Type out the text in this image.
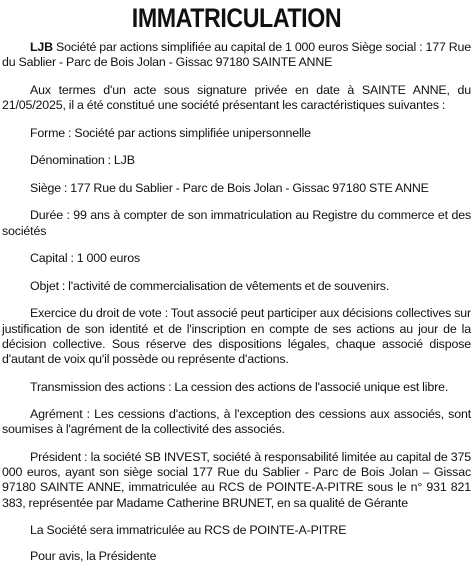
IMMATRICULATION

LJB Société par actions simplifiée au capital de 1 000 euros Siège social : 177 Rue du Sablier - Parc de Bois Jolan - Gissac 97180 SAINTE ANNE

Aux termes d'un acte sous signature privée en date à SAINTE ANNE, du 21/05/2025, il a été constitué une société présentant les caractéristiques suivantes :

Forme : Société par actions simplifiée unipersonnelle

Dénomination : LJB

Siège : 177 Rue du Sablier - Parc de Bois Jolan - Gissac 97180 STE ANNE

Durée : 99 ans à compter de son immatriculation au Registre du commerce et des sociétés

Capital : 1 000 euros

Objet : l'activité de commercialisation de vêtements et de souvenirs.

Exercice du droit de vote : Tout associé peut participer aux décisions collectives sur justification de son identité et de l'inscription en compte de ses actions au jour de la décision collective. Sous réserve des dispositions légales, chaque associé dispose d'autant de voix qu'il possède ou représente d'actions.

Transmission des actions : La cession des actions de l'associé unique est libre.

Agrément : Les cessions d'actions, à l'exception des cessions aux associés, sont soumises à l'agrément de la collectivité des associés.

Président : la société SB INVEST, société à responsabilité limitée au capital de 375 000 euros, ayant son siège social 177 Rue du Sablier - Parc de Bois Jolan – Gissac 97180 SAINTE ANNE, immatriculée au RCS de POINTE-A-PITRE sous le n° 931 821 383, représentée par Madame Catherine BRUNET, en sa qualité de Gérante

La Société sera immatriculée au RCS de POINTE-A-PITRE

Pour avis, la Présidente
